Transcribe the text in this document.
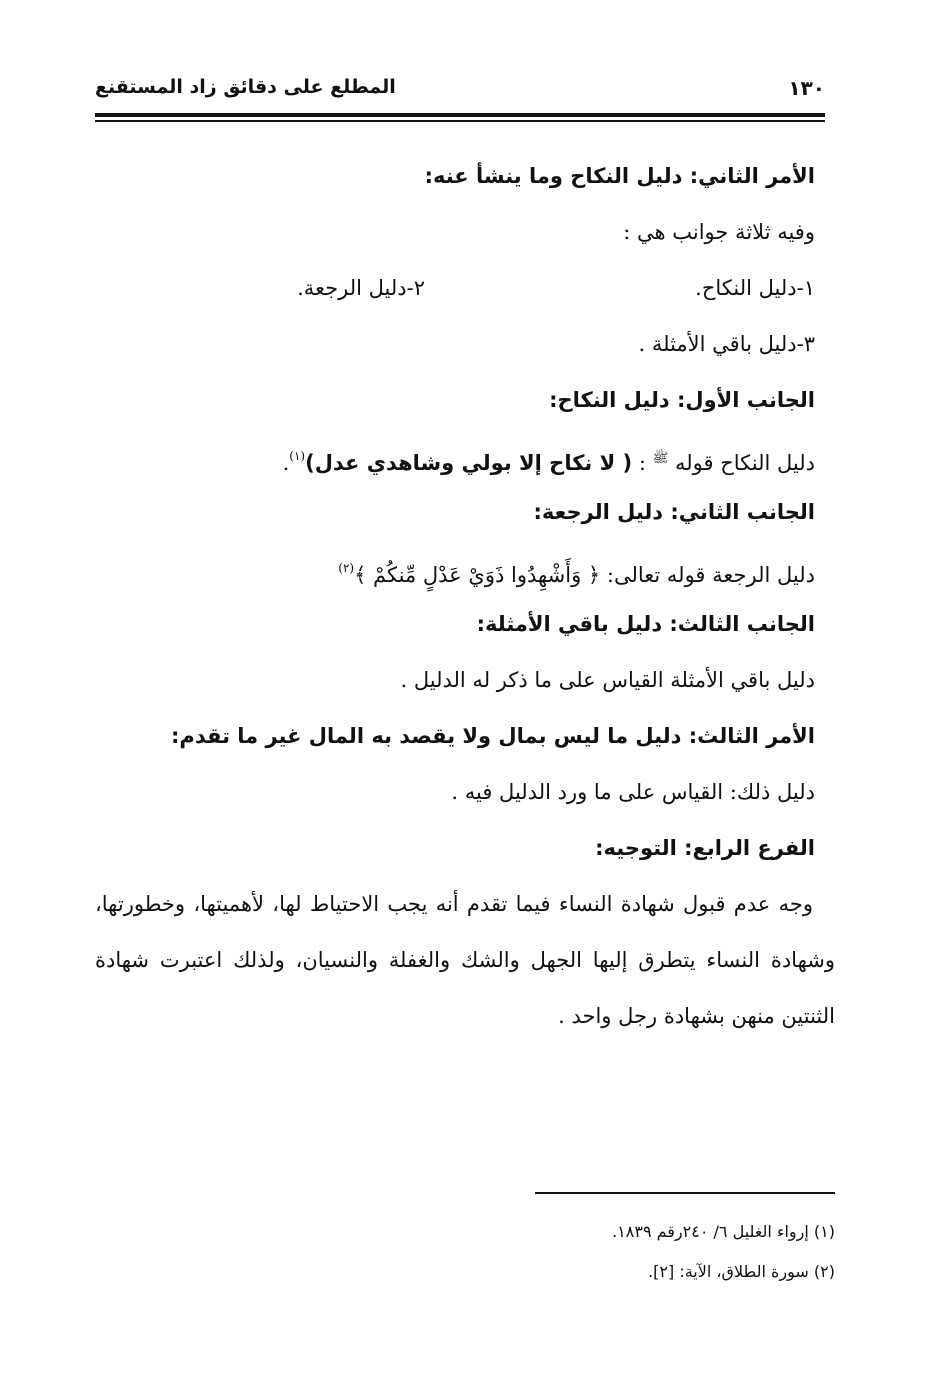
١٣٠
المطلع على دقائق زاد المستقنع
الأمر الثاني: دليل النكاح وما ينشأ عنه:
وفيه ثلاثة جوانب هي :
١-دليل النكاح.
٢-دليل الرجعة.
٣-دليل باقي الأمثلة .
الجانب الأول: دليل النكاح:
دليل النكاح قوله $^ﷺ$ : ( لا نكاح إلا بولي وشاهدي عدل)$^{(١)}$.
الجانب الثاني: دليل الرجعة:
دليل الرجعة قوله تعالى: ﴿ وَأَشْهِدُوا ذَوَيْ عَدْلٍ مِّنكُمْ ﴾$^{(٢)}$
الجانب الثالث: دليل باقي الأمثلة:
دليل باقي الأمثلة القياس على ما ذكر له الدليل .
الأمر الثالث: دليل ما ليس بمال ولا يقصد به المال غير ما تقدم:
دليل ذلك: القياس على ما ورد الدليل فيه .
الفرع الرابع: التوجيه:
وجه عدم قبول شهادة النساء فيما تقدم أنه يجب الاحتياط لها، لأهميتها، وخطورتها، وشهادة النساء يتطرق إليها الجهل والشك والغفلة والنسيان، ولذلك اعتبرت شهادة الثنتين منهن بشهادة رجل واحد .
(١) إرواء الغليل ٦/ ٢٤٠رقم ١٨٣٩.
(٢) سورة الطلاق، الآية: [٢].
